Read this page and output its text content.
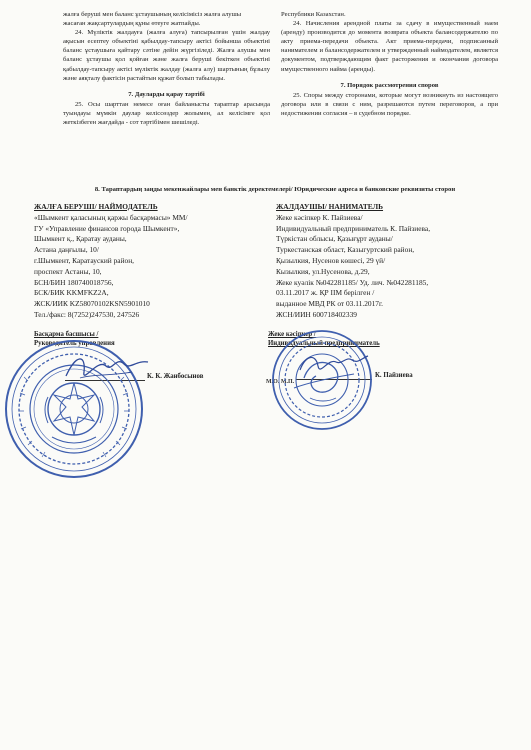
жалға беруші мен баланс ұстаушының келісімісіз жалға алушы

жасаған жақсартулардың құны өтеуге жатпайды.

24. Мүліктік жалдауға (жалға алуға) тапсырылған үшін жалдау ақысын есептеу объектіні қабылдау-тапсыру актісі бойынша объектіні баланс ұстаушыға қайтару сәтіне дейін жүргізіледі. Жалға алушы мен баланс ұстаушы қол қойған және жалға беруші бекіткен объектіні қабылдау-тапсыру актісі мүліктік жалдау (жалға алу) шартының бұзылу және аяқталу фактісін растайтын құжат болып табылады.

7. Дауларды қарау тәртібі

25. Осы шарттан немесе оған байланысты тараптар арасында туындауы мүмкін даулар келіссөздер жолымен, ал келісімге қол жеткізбеген жағдайда - сот тәртібімен шешіледі.

Республики Казахстан.

24. Начисления арендной платы за сдачу в имущественный наем (аренду) производится до момента возврата объекта балансодержателю по акту приема-передачи объекта. Акт приема-передачи, подписанный нанимателем и балансодержателем и утвержденный наймодателем, является документом, подтверждающим факт расторжения и окончания договора имущественного найма (аренды).

7. Порядок рассмотрения споров

25. Споры между сторонами, которые могут возникнуть из настоящего договора или в связи с ним, разрешаются путем переговоров, а при недостижении согласия – в судебном порядке.

8. Тараптардың заңды мекенжайлары мен банктік деректемелері/ Юридические адреса и банковские реквизиты сторон
ЖАЛҒА БЕРУШІ/ НАЙМОДАТЕЛЬ
«Шымкент қаласының қаржы басқармасы» ММ/
ГУ «Управление финансов города Шымкент»,
Шымкент қ., Қаратау ауданы,
Астана даңғылы, 10/
г.Шымкент, Каратауский район,
проспект Астаны, 10,
БСН/БИН 180740018756,
БСК/БИК KKMFKZ2A,
ЖСК/ИИК KZ58070102KSN5901010
Тел./факс: 8(7252)247530, 247526
ЖАЛДАУШЫ/ НАНИМАТЕЛЬ
Жеке кәсіпкер К. Пайзиева/
Индивидуальный предприниматель К. Пайзиева,
Түркістан облысы, Қазығұрт ауданы/
Туркестанская област, Казыгуртский район,
Қызылкия, Нусенов көшесі, 29 үй/
Кызылкия, ул.Нусенова, д.29,
Жеке куәлік №042281185/ Уд. лич. №042281185,
03.11.2017 ж. ҚР ІІМ берілген /
выданное МВД РК от 03.11.2017г.
ЖСН/ИИН 600718402339
Басқарма басшысы /
Руководитель управления
Жеке кәсіпкер /
Индивидуальный предприниматель
К. К. Жанбосынов	К. Пайзиева
М.О. М.П.
